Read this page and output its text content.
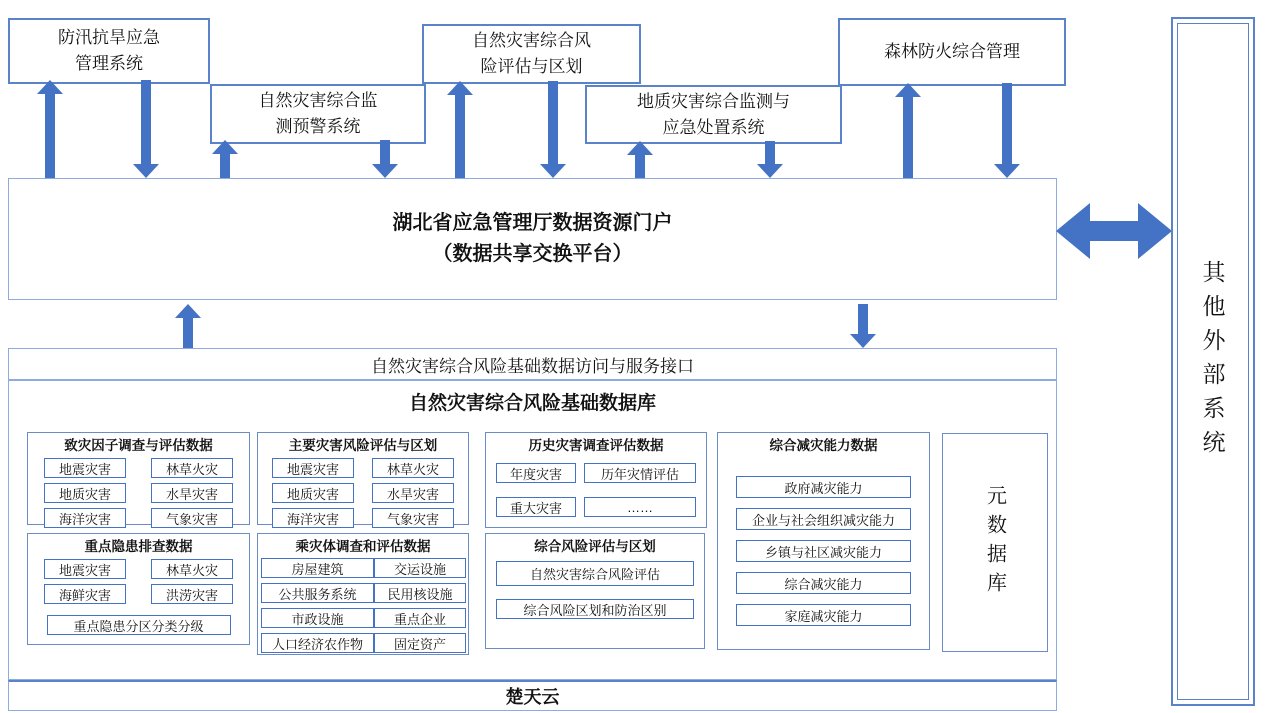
防汛抗旱应急管理系统
自然灾害综合监测预警系统
自然灾害综合风险评估与区划
地质灾害综合监测与应急处置系统
森林防火综合管理
湖北省应急管理厅数据资源门户
（数据共享交换平台）
自然灾害综合风险基础数据访问与服务接口
自然灾害综合风险基础数据库
致灾因子调查与评估数据
地震灾害	林草火灾
地质灾害	水旱灾害
海洋灾害	气象灾害
主要灾害风险评估与区划
地震灾害	林草火灾
地质灾害	水旱灾害
海洋灾害	气象灾害
历史灾害调查评估数据
年度灾害	历年灾情评估
重大灾害	……
综合减灾能力数据
政府减灾能力
企业与社会组织减灾能力
乡镇与社区减灾能力
综合减灾能力
家庭减灾能力
重点隐患排查数据
地震灾害	林草火灾
海鲜灾害	洪涝灾害
重点隐患分区分类分级
乘灾体调查和评估数据
房屋建筑	交运设施
公共服务系统	民用核设施
市政设施	重点企业
人口经济农作物	固定资产
综合风险评估与区划
自然灾害综合风险评估
综合风险区划和防治区别
元数据库
楚天云
其他外部系统
